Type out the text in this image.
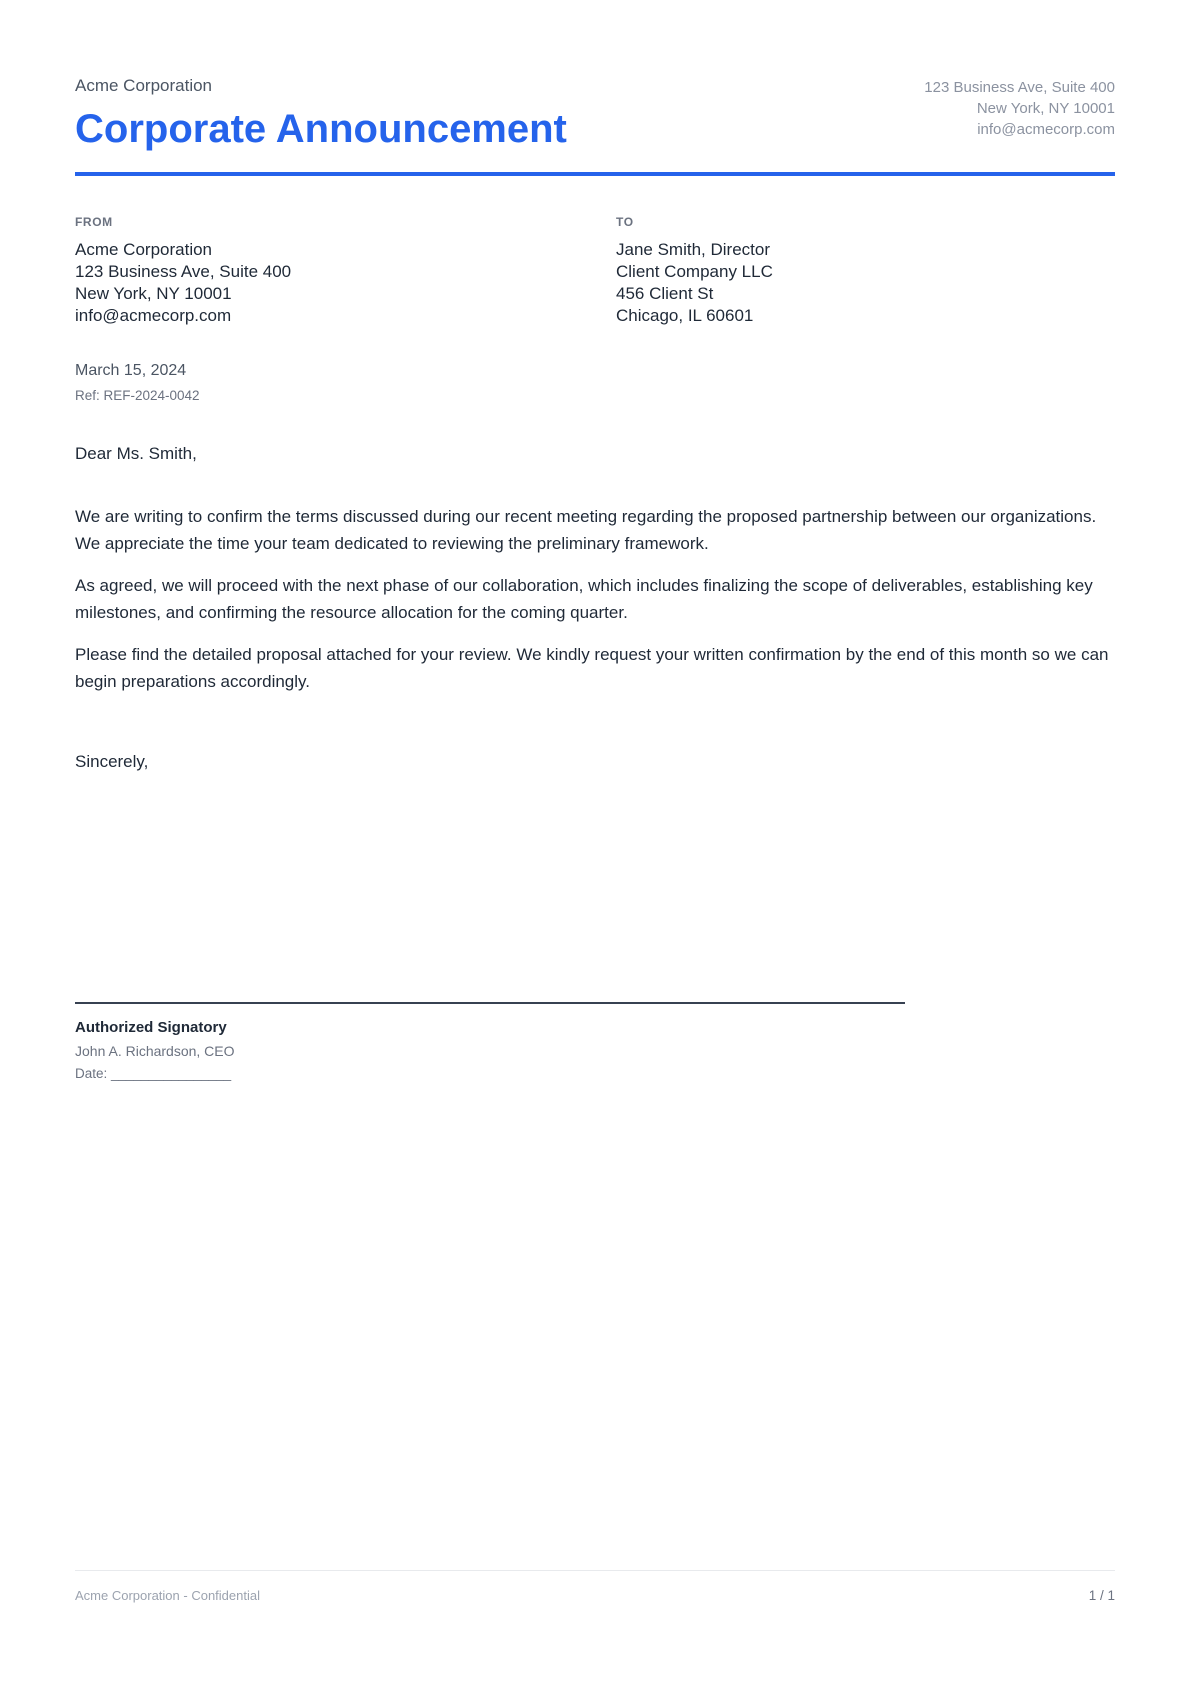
Acme Corporation
Corporate Announcement
123 Business Ave, Suite 400
New York, NY 10001
info@acmecorp.com
FROM
Acme Corporation
123 Business Ave, Suite 400
New York, NY 10001
info@acmecorp.com
TO
Jane Smith, Director
Client Company LLC
456 Client St
Chicago, IL 60601
March 15, 2024
Ref: REF-2024-0042

Dear Ms. Smith,

We are writing to confirm the terms discussed during our recent meeting regarding the proposed partnership between our organizations. We appreciate the time your team dedicated to reviewing the preliminary framework.

As agreed, we will proceed with the next phase of our collaboration, which includes finalizing the scope of deliverables, establishing key milestones, and confirming the resource allocation for the coming quarter.

Please find the detailed proposal attached for your review. We kindly request your written confirmation by the end of this month so we can begin preparations accordingly.

Sincerely,

Authorized Signatory
John A. Richardson, CEO
Date: ________________
Acme Corporation - Confidential	1 / 1
